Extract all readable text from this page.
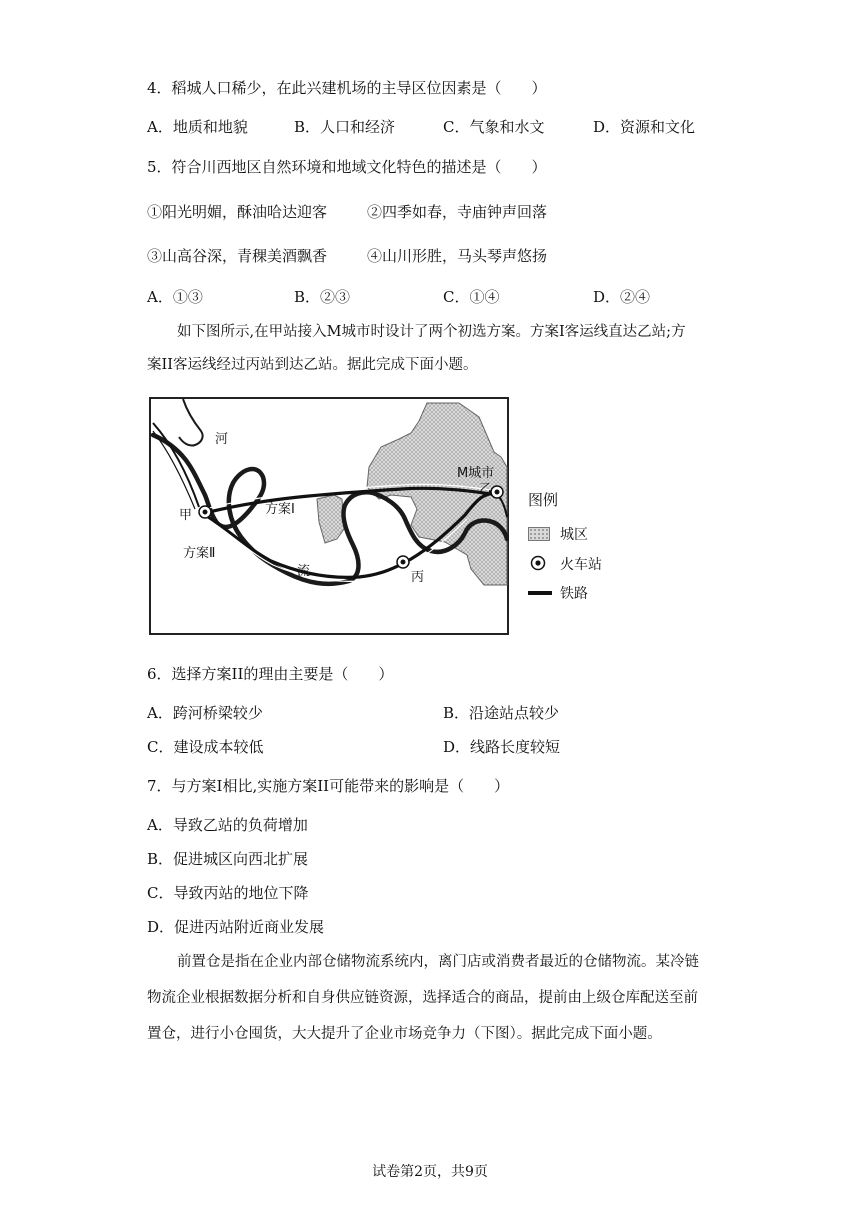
4．稻城人口稀少，在此兴建机场的主导区位因素是（　　）
A．地质和地貌	B．人口和经济	C．气象和水文	D．资源和文化
5．符合川西地区自然环境和地域文化特色的描述是（　　）
①阳光明媚，酥油哈达迎客	②四季如春，寺庙钟声回落
③山高谷深，青稞美酒飘香	④山川形胜，马头琴声悠扬
A．①③	B．②③	C．①④	D．②④
如下图所示,在甲站接入M城市时设计了两个初选方案。方案I客运线直达乙站;方
案II客运线经过丙站到达乙站。据此完成下面小题。
河
流
方案Ⅰ
方案Ⅱ
甲
丙
M城市
乙
图例
城区
火车站
铁路
6．选择方案II的理由主要是（　　）
A．跨河桥梁较少	B．沿途站点较少
C．建设成本较低	D．线路长度较短
7．与方案I相比,实施方案II可能带来的影响是（　　）
A．导致乙站的负荷增加
B．促进城区向西北扩展
C．导致丙站的地位下降
D．促进丙站附近商业发展
前置仓是指在企业内部仓储物流系统内，离门店或消费者最近的仓储物流。某冷链
物流企业根据数据分析和自身供应链资源，选择适合的商品，提前由上级仓库配送至前
置仓，进行小仓囤货，大大提升了企业市场竞争力（下图）。据此完成下面小题。
试卷第2页，共9页
